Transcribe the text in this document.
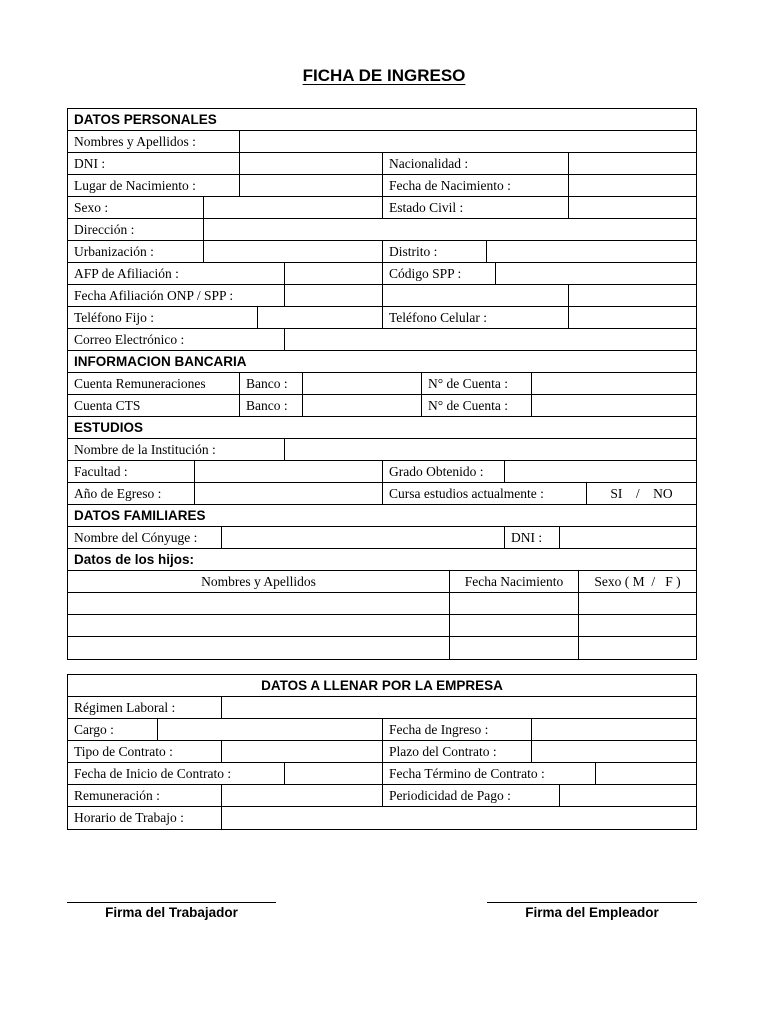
FICHA DE INGRESO
DATOS PERSONALES
Nombres y Apellidos :
DNI :	Nacionalidad :
Lugar de Nacimiento :	Fecha de Nacimiento :
Sexo :	Estado Civil :
Dirección :
Urbanización :	Distrito :
AFP de Afiliación :	Código SPP :
Fecha Afiliación ONP / SPP :
Teléfono Fijo :	Teléfono Celular :
Correo Electrónico :
INFORMACION BANCARIA
Cuenta Remuneraciones	Banco :	N° de Cuenta :
Cuenta CTS	Banco :	N° de Cuenta :
ESTUDIOS
Nombre de la Institución :
Facultad :	Grado Obtenido :
Año de Egreso :	Cursa estudios actualmente :	SI    /    NO
DATOS FAMILIARES
Nombre del Cónyuge :	DNI :
Datos de los hijos:
Nombres y Apellidos	Fecha Nacimiento	Sexo ( M  /   F )
DATOS A LLENAR POR LA EMPRESA
Régimen Laboral :
Cargo :	Fecha de Ingreso :
Tipo de Contrato :	Plazo del Contrato :
Fecha de Inicio de Contrato :	Fecha Término de Contrato :
Remuneración :	Periodicidad de Pago :
Horario de Trabajo :
Firma del Trabajador	Firma del Empleador
